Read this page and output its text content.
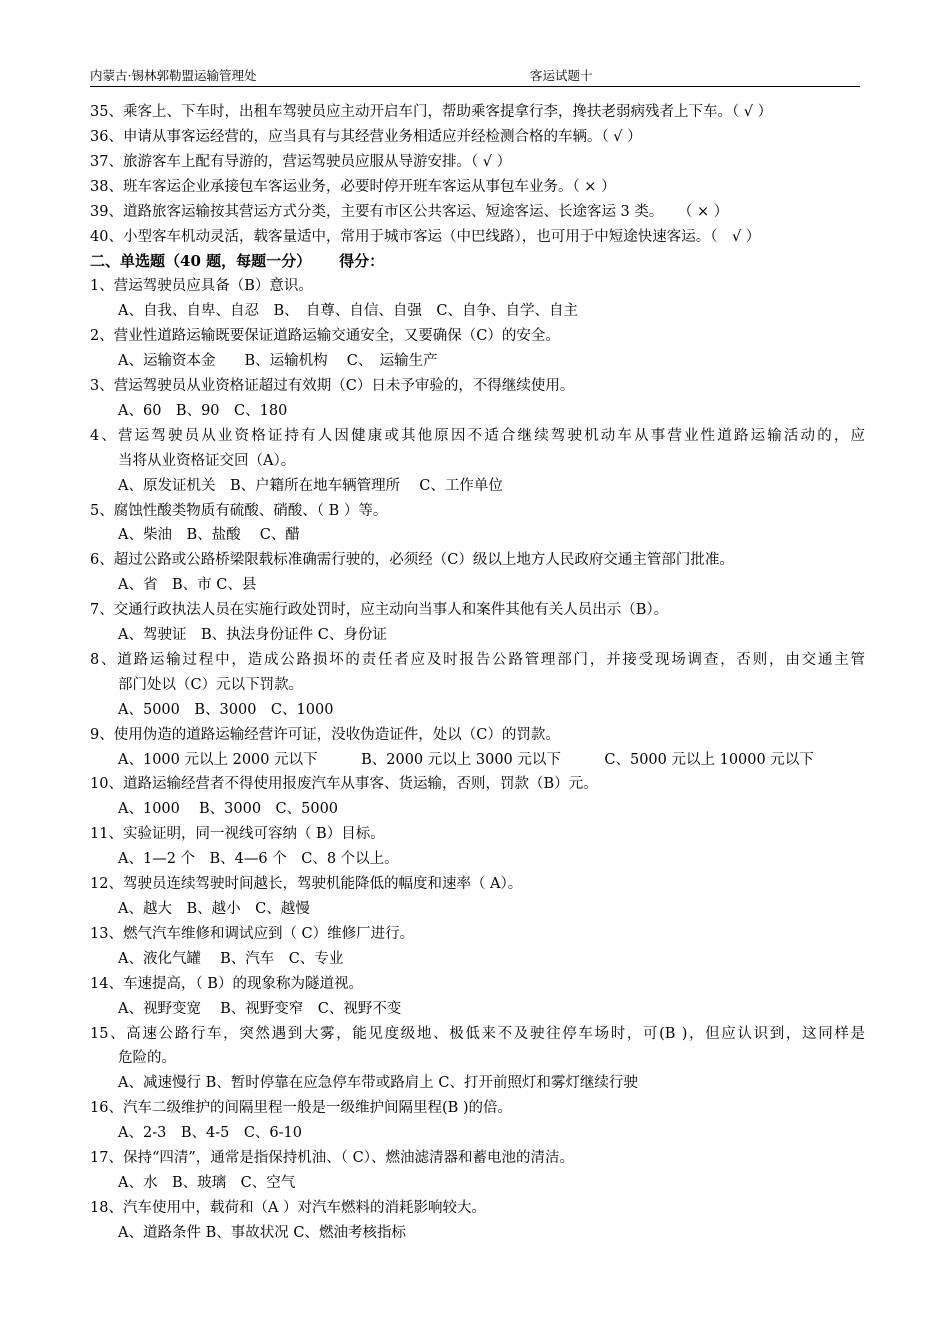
内蒙古·锡林郭勒盟运输管理处	客运试题十
35、乘客上、下车时，出租车驾驶员应主动开启车门，帮助乘客提拿行李，搀扶老弱病残者上下车。（ √ ）
36、申请从事客运经营的，应当具有与其经营业务相适应并经检测合格的车辆。（ √ ）
37、旅游客车上配有导游的，营运驾驶员应服从导游安排。（ √ ）
38、班车客运企业承接包车客运业务，必要时停开班车客运从事包车业务。（ × ）
39、道路旅客运输按其营运方式分类，主要有市区公共客运、短途客运、长途客运 3 类。　　（ × ）
40、小型客车机动灵活，载客量适中，常用于城市客运（中巴线路），也可用于中短途快速客运。（　√ ）
二、单选题（40 题，每题一分） 得分：
1、营运驾驶员应具备（B）意识。
A、自我、自卑、自忍　B、　自尊、自信、自强　C、自争、自学、自主
2、营业性道路运输既要保证道路运输交通安全，又要确保（C）的安全。
A、运输资本金　　B、运输机构　 C、　运输生产
3、营运驾驶员从业资格证超过有效期（C）日未予审验的，不得继续使用。
A、60　B、90　C、180
4、营运驾驶员从业资格证持有人因健康或其他原因不适合继续驾驶机动车从事营业性道路运输活动的，应
当将从业资格证交回（A）。
A、原发证机关　B、户籍所在地车辆管理所　 C、工作单位
5、腐蚀性酸类物质有硫酸、硝酸、（ B ）等。
A、柴油　B、盐酸　 C、醋
6、超过公路或公路桥梁限载标准确需行驶的，必须经（C）级以上地方人民政府交通主管部门批准。
A、省　B、市 C、县
7、交通行政执法人员在实施行政处罚时，应主动向当事人和案件其他有关人员出示（B）。
A、驾驶证　B、执法身份证件 C、身份证
8、道路运输过程中，造成公路损坏的责任者应及时报告公路管理部门，并接受现场调查，否则，由交通主管
部门处以（C）元以下罚款。
A、5000　B、3000　C、1000
9、使用伪造的道路运输经营许可证，没收伪造证件，处以（C）的罚款。
A、1000 元以上 2000 元以下　　　B、2000 元以上 3000 元以下　　　C、5000 元以上 10000 元以下
10、道路运输经营者不得使用报废汽车从事客、货运输，否则，罚款（B）元。
A、1000　 B、3000　C、5000
11、实验证明，同一视线可容纳（ B）目标。
A、1—2 个　B、4—6 个　C、8 个以上。
12、驾驶员连续驾驶时间越长，驾驶机能降低的幅度和速率（ A）。
A、越大　B、越小　C、越慢
13、燃气汽车维修和调试应到（ C）维修厂进行。
A、液化气罐　 B、汽车　C、专业
14、车速提高，（ B）的现象称为隧道视。
A、视野变宽　 B、视野变窄　C、视野不变
15、高速公路行车，突然遇到大雾，能见度级地、极低来不及驶往停车场时，可(B )，但应认识到，这同样是
危险的。
A、减速慢行 B、暂时停靠在应急停车带或路肩上 C、打开前照灯和雾灯继续行驶
16、汽车二级维护的间隔里程一般是一级维护间隔里程(B )的倍。
A、2-3　B、4-5　C、6-10
17、保持“四清”，通常是指保持机油、（ C）、燃油滤清器和蓄电池的清洁。
A、水　B、玻璃　C、空气
18、汽车使用中，载荷和（A ）对汽车燃料的消耗影响较大。
A、道路条件 B、事故状况 C、燃油考核指标
